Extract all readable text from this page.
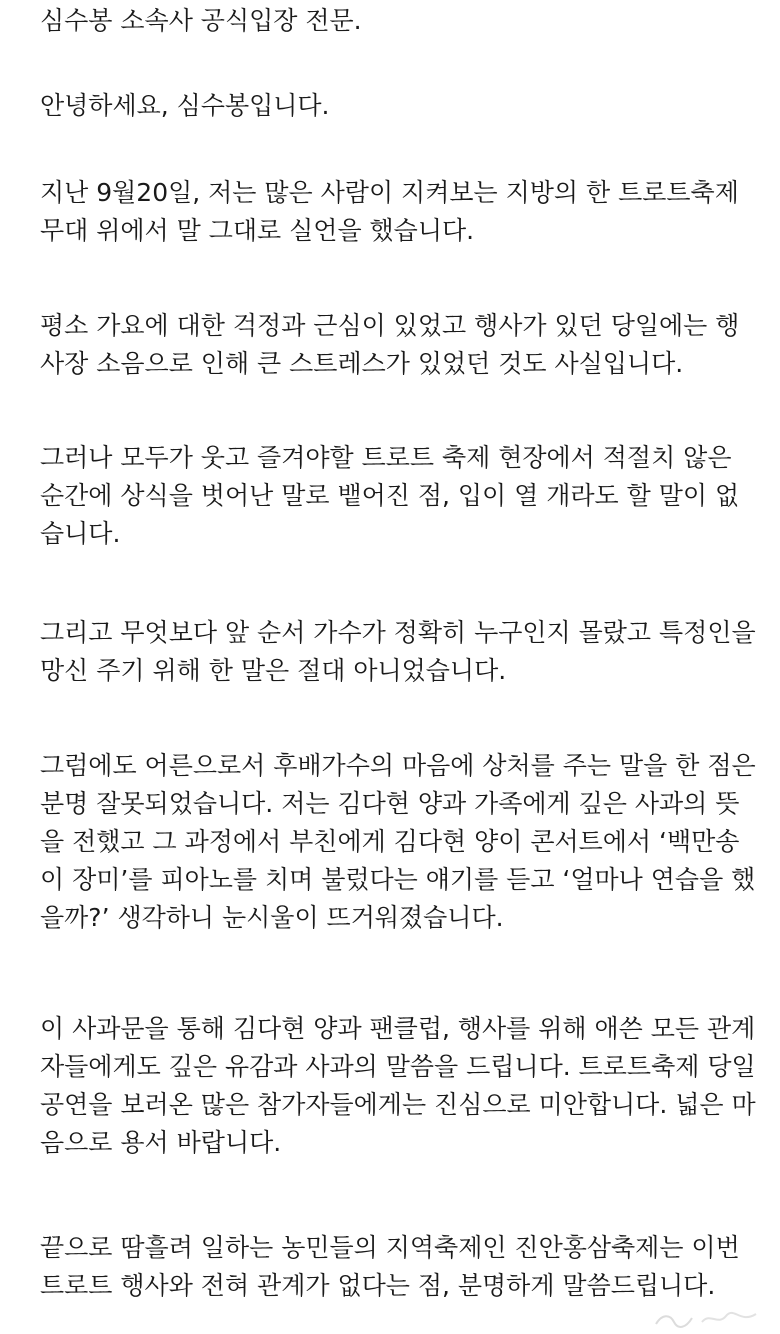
심수봉 소속사 공식입장 전문.

안녕하세요, 심수봉입니다.

지난 9월20일, 저는 많은 사람이 지켜보는 지방의 한 트로트축제
무대 위에서 말 그대로 실언을 했습니다.

평소 가요에 대한 걱정과 근심이 있었고 행사가 있던 당일에는 행
사장 소음으로 인해 큰 스트레스가 있었던 것도 사실입니다.

그러나 모두가 웃고 즐겨야할 트로트 축제 현장에서 적절치 않은
순간에 상식을 벗어난 말로 뱉어진 점, 입이 열 개라도 할 말이 없
습니다.

그리고 무엇보다 앞 순서 가수가 정확히 누구인지 몰랐고 특정인을
망신 주기 위해 한 말은 절대 아니었습니다.

그럼에도 어른으로서 후배가수의 마음에 상처를 주는 말을 한 점은
분명 잘못되었습니다. 저는 김다현 양과 가족에게 깊은 사과의 뜻
을 전했고 그 과정에서 부친에게 김다현 양이 콘서트에서 ‘백만송
이 장미’를 피아노를 치며 불렀다는 얘기를 듣고 ‘얼마나 연습을 했
을까?’ 생각하니 눈시울이 뜨거워졌습니다.

이 사과문을 통해 김다현 양과 팬클럽, 행사를 위해 애쓴 모든 관계
자들에게도 깊은 유감과 사과의 말씀을 드립니다. 트로트축제 당일
공연을 보러온 많은 참가자들에게는 진심으로 미안합니다. 넓은 마
음으로 용서 바랍니다.

끝으로 땀흘려 일하는 농민들의 지역축제인 진안홍삼축제는 이번
트로트 행사와 전혀 관계가 없다는 점, 분명하게 말씀드립니다.
